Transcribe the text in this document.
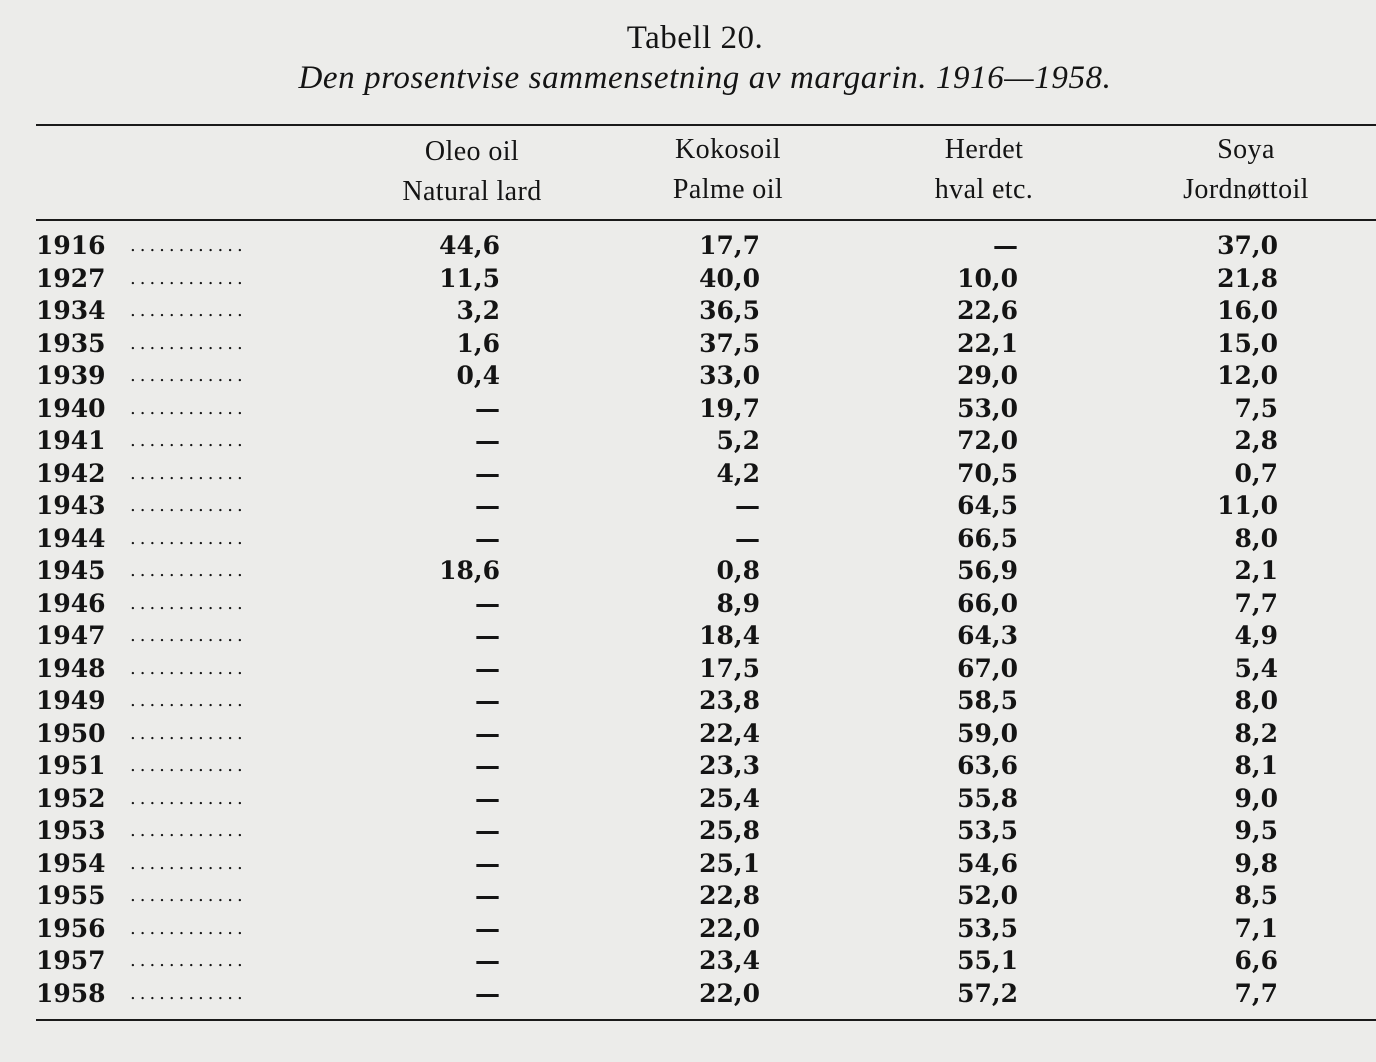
Tabell 20.
Den prosentvise sammensetning av margarin. 1916—1958.
Oleo oil
Natural lard
Kokosoil
Palme oil
Herdet
hval etc.
Soya
Jordnøttoil
1916 ............	44,6	17,7	—	37,0
1927 ............	11,5	40,0	10,0	21,8
1934 ............	3,2	36,5	22,6	16,0
1935 ............	1,6	37,5	22,1	15,0
1939 ............	0,4	33,0	29,0	12,0
1940 ............	—	19,7	53,0	7,5
1941 ............	—	5,2	72,0	2,8
1942 ............	—	4,2	70,5	0,7
1943 ............	—	—	64,5	11,0
1944 ............	—	—	66,5	8,0
1945 ............	18,6	0,8	56,9	2,1
1946 ............	—	8,9	66,0	7,7
1947 ............	—	18,4	64,3	4,9
1948 ............	—	17,5	67,0	5,4
1949 ............	—	23,8	58,5	8,0
1950 ............	—	22,4	59,0	8,2
1951 ............	—	23,3	63,6	8,1
1952 ............	—	25,4	55,8	9,0
1953 ............	—	25,8	53,5	9,5
1954 ............	—	25,1	54,6	9,8
1955 ............	—	22,8	52,0	8,5
1956 ............	—	22,0	53,5	7,1
1957 ............	—	23,4	55,1	6,6
1958 ............	—	22,0	57,2	7,7
